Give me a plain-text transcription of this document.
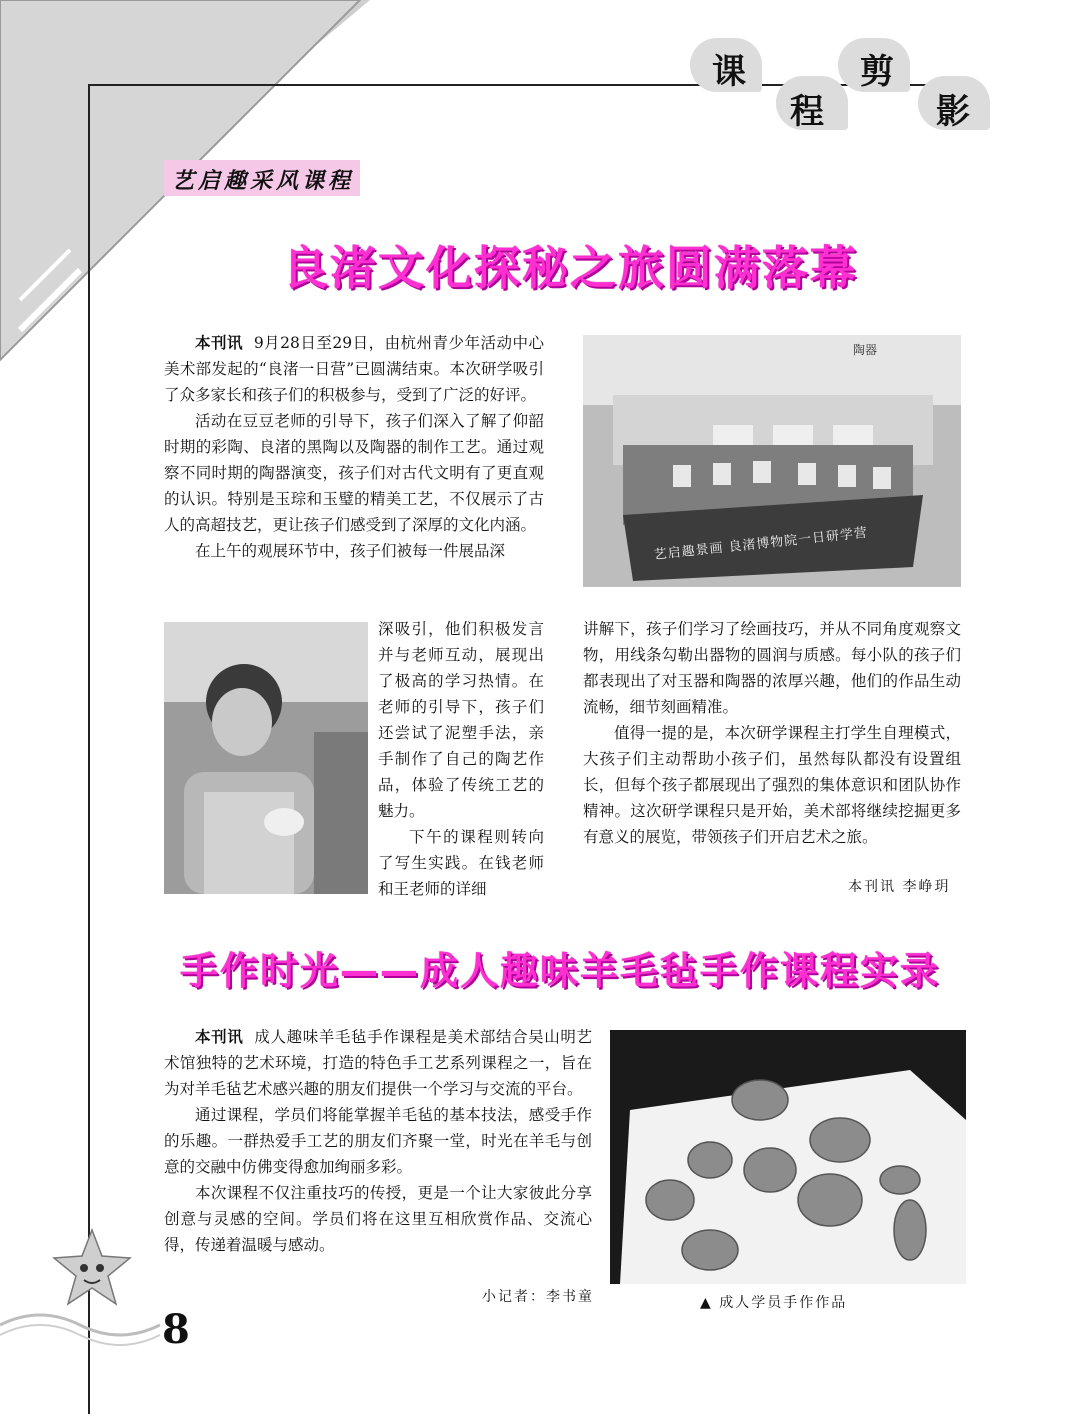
课
程
剪
影
艺启趣采风课程
良渚文化探秘之旅圆满落幕

本刊讯 9月28日至29日，由杭州青少年活动中心美术部发起的“良渚一日营”已圆满结束。本次研学吸引了众多家长和孩子们的积极参与，受到了广泛的好评。

活动在豆豆老师的引导下，孩子们深入了解了仰韶时期的彩陶、良渚的黑陶以及陶器的制作工艺。通过观察不同时期的陶器演变，孩子们对古代文明有了更直观的认识。特别是玉琮和玉璧的精美工艺，不仅展示了古人的高超技艺，更让孩子们感受到了深厚的文化内涵。

在上午的观展环节中，孩子们被每一件展品深

深吸引，他们积极发言并与老师互动，展现出了极高的学习热情。在老师的引导下，孩子们还尝试了泥塑手法，亲手制作了自己的陶艺作品，体验了传统工艺的魅力。

下午的课程则转向了写生实践。在钱老师和王老师的详细

陶器
艺启趣景画 良渚博物院一日研学营

讲解下，孩子们学习了绘画技巧，并从不同角度观察文物，用线条勾勒出器物的圆润与质感。每小队的孩子们都表现出了对玉器和陶器的浓厚兴趣，他们的作品生动流畅，细节刻画精准。

值得一提的是，本次研学课程主打学生自理模式，大孩子们主动帮助小孩子们，虽然每队都没有设置组长，但每个孩子都展现出了强烈的集体意识和团队协作精神。这次研学课程只是开始，美术部将继续挖掘更多有意义的展览，带领孩子们开启艺术之旅。

本刊讯 李峥玥
手作时光——成人趣味羊毛毡手作课程实录

本刊讯 成人趣味羊毛毡手作课程是美术部结合吴山明艺术馆独特的艺术环境，打造的特色手工艺系列课程之一，旨在为对羊毛毡艺术感兴趣的朋友们提供一个学习与交流的平台。

通过课程，学员们将能掌握羊毛毡的基本技法，感受手作的乐趣。一群热爱手工艺的朋友们齐聚一堂，时光在羊毛与创意的交融中仿佛变得愈加绚丽多彩。

本次课程不仅注重技巧的传授，更是一个让大家彼此分享创意与灵感的空间。学员们将在这里互相欣赏作品、交流心得，传递着温暖与感动。

小记者：李书童	▲ 成人学员手作作品
8
